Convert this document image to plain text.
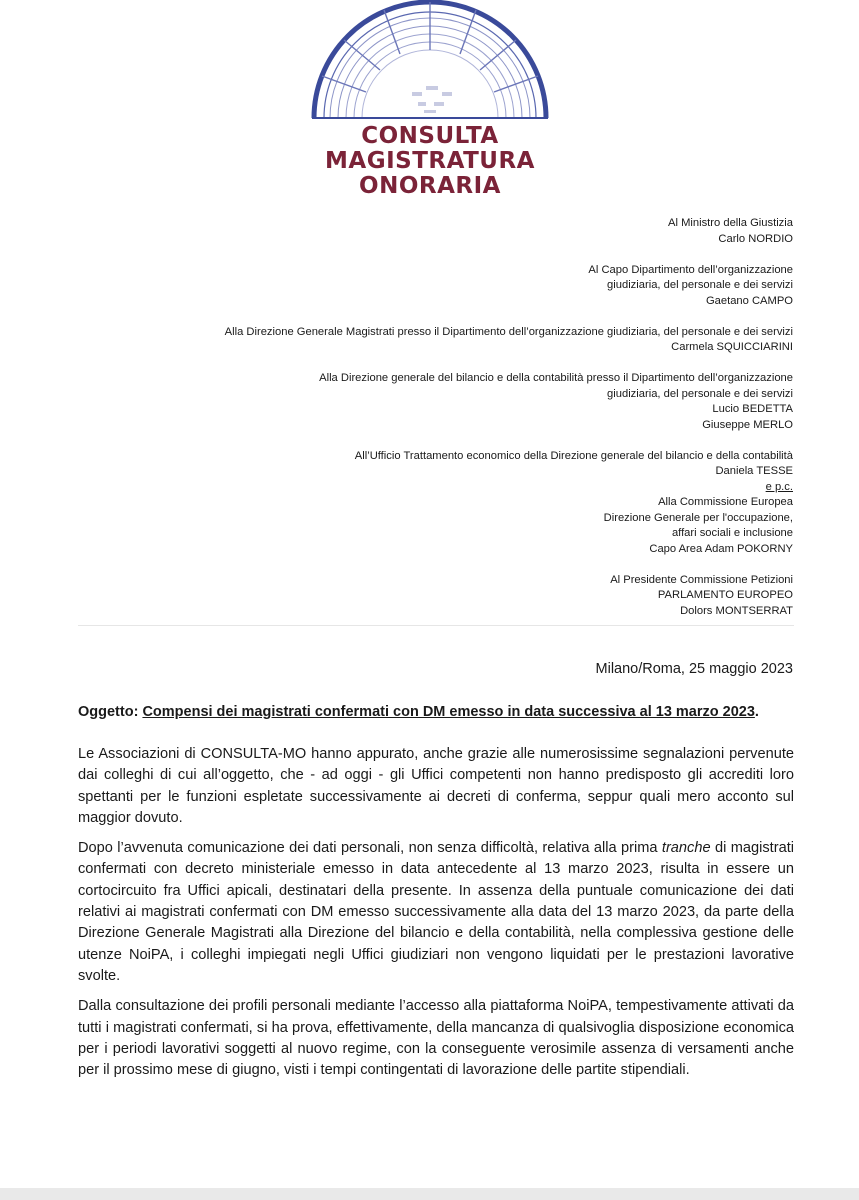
CONSULTA
MAGISTRATURA
ONORARIA
Al Ministro della Giustizia
Carlo NORDIO
Al Capo Dipartimento dell’organizzazione
giudiziaria, del personale e dei servizi
Gaetano CAMPO
Alla Direzione Generale Magistrati presso il Dipartimento dell’organizzazione giudiziaria, del personale e dei servizi
Carmela SQUICCIARINI
Alla Direzione generale del bilancio e della contabilità presso il Dipartimento dell’organizzazione
giudiziaria, del personale e dei servizi
Lucio BEDETTA
Giuseppe MERLO
All’Ufficio Trattamento economico della Direzione generale del bilancio e della contabilità
Daniela TESSE
e p.c.
Alla Commissione Europea
Direzione Generale per l'occupazione,
affari sociali e inclusione
Capo Area Adam POKORNY
Al Presidente Commissione Petizioni
PARLAMENTO EUROPEO
Dolors MONTSERRAT
Milano/Roma, 25 maggio 2023
Oggetto: Compensi dei magistrati confermati con DM emesso in data successiva al 13 marzo 2023.

Le Associazioni di CONSULTA-MO hanno appurato, anche grazie alle numerosissime segnalazioni pervenute dai colleghi di cui all’oggetto, che - ad oggi - gli Uffici competenti non hanno predisposto gli accrediti loro spettanti per le funzioni espletate successivamente ai decreti di conferma, seppur quali mero acconto sul maggior dovuto.

Dopo l’avvenuta comunicazione dei dati personali, non senza difficoltà, relativa alla prima tranche di magistrati confermati con decreto ministeriale emesso in data antecedente al 13 marzo 2023, risulta in essere un cortocircuito fra Uffici apicali, destinatari della presente. In assenza della puntuale comunicazione dei dati relativi ai magistrati confermati con DM emesso successivamente alla data del 13 marzo 2023, da parte della Direzione Generale Magistrati alla Direzione del bilancio e della contabilità, nella complessiva gestione delle utenze NoiPA, i colleghi impiegati negli Uffici giudiziari non vengono liquidati per le prestazioni lavorative svolte.

Dalla consultazione dei profili personali mediante l’accesso alla piattaforma NoiPA, tempestivamente attivati da tutti i magistrati confermati, si ha prova, effettivamente, della mancanza di qualsivoglia disposizione economica per i periodi lavorativi soggetti al nuovo regime, con la conseguente verosimile assenza di versamenti anche per il prossimo mese di giugno, visti i tempi contingentati di lavorazione delle partite stipendiali.
